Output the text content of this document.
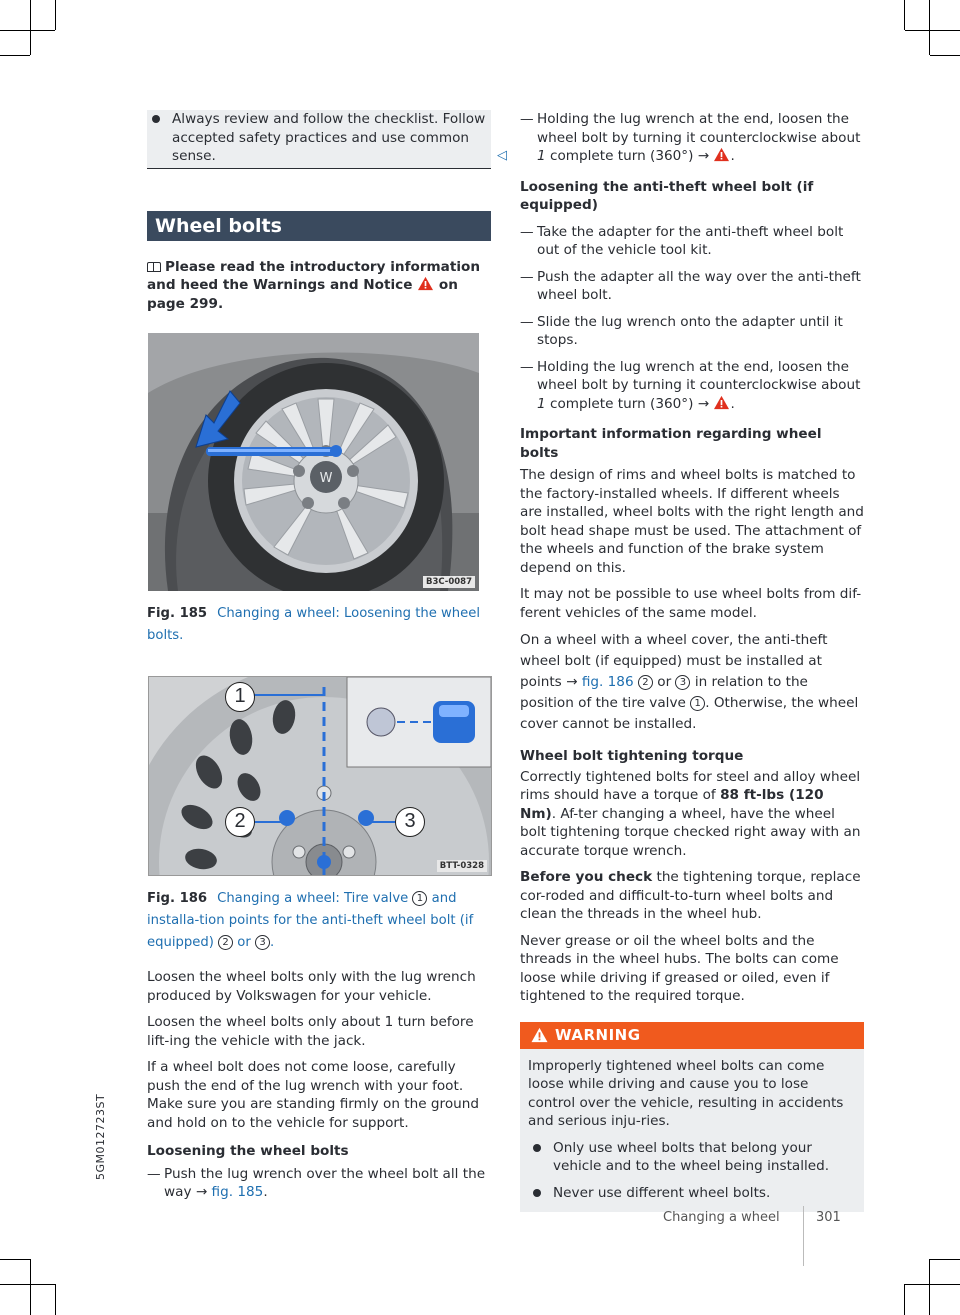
5GM012723ST

Always review and follow the checklist. Follow accepted safety practices and use common sense.	◁
Wheel bolts

Please read the introductory information and heed the Warnings and Notice on page 299.

W
B3C-0087
Fig. 185 Changing a wheel: Loosening the wheel bolts.
1
2	3
BTT-0328
Fig. 186 Changing a wheel: Tire valve 1 and installa-tion points for the anti-theft wheel bolt (if equipped) 2 or 3 .

Loosen the wheel bolts only with the lug wrench produced by Volkswagen for your vehicle.

Loosen the wheel bolts only about 1 turn before lift-ing the vehicle with the jack.

If a wheel bolt does not come loose, carefully push the end of the lug wrench with your foot. Make sure you are standing firmly on the ground and hold on to the vehicle for support.

Loosening the wheel bolts

— Push the lug wrench over the wheel bolt all the way → fig. 185.

— Holding the lug wrench at the end, loosen the wheel bolt by turning it counterclockwise about 1 complete turn (360°) → .

Loosening the anti-theft wheel bolt (if equipped)

— Take the adapter for the anti-theft wheel bolt out of the vehicle tool kit.

— Push the adapter all the way over the anti-theft wheel bolt.

— Slide the lug wrench onto the adapter until it stops.

— Holding the lug wrench at the end, loosen the wheel bolt by turning it counterclockwise about 1 complete turn (360°) → .

Important information regarding wheel bolts

The design of rims and wheel bolts is matched to the factory-installed wheels. If different wheels are installed, wheel bolts with the right length and bolt head shape must be used. The attachment of the wheels and function of the brake system depend on this.

It may not be possible to use wheel bolts from dif-ferent vehicles of the same model.

On a wheel with a wheel cover, the anti-theft wheel bolt (if equipped) must be installed at points → fig. 186 2 or 3 in relation to the position of the tire valve 1 . Otherwise, the wheel cover cannot be installed.

Wheel bolt tightening torque

Correctly tightened bolts for steel and alloy wheel rims should have a torque of 88 ft-lbs (120 Nm). Af-ter changing a wheel, have the wheel bolt tightening torque checked right away with an accurate torque wrench.

Before you check the tightening torque, replace cor-roded and difficult-to-turn wheel bolts and clean the threads in the wheel hub.

Never grease or oil the wheel bolts and the threads in the wheel hubs. The bolts can come loose while driving if greased or oiled, even if tightened to the required torque.

WARNING

Improperly tightened wheel bolts can come loose while driving and cause you to lose control over the vehicle, resulting in accidents and serious inju-ries.

Only use wheel bolts that belong your vehicle and to the wheel being installed.

Never use different wheel bolts.

Changing a wheel	301
